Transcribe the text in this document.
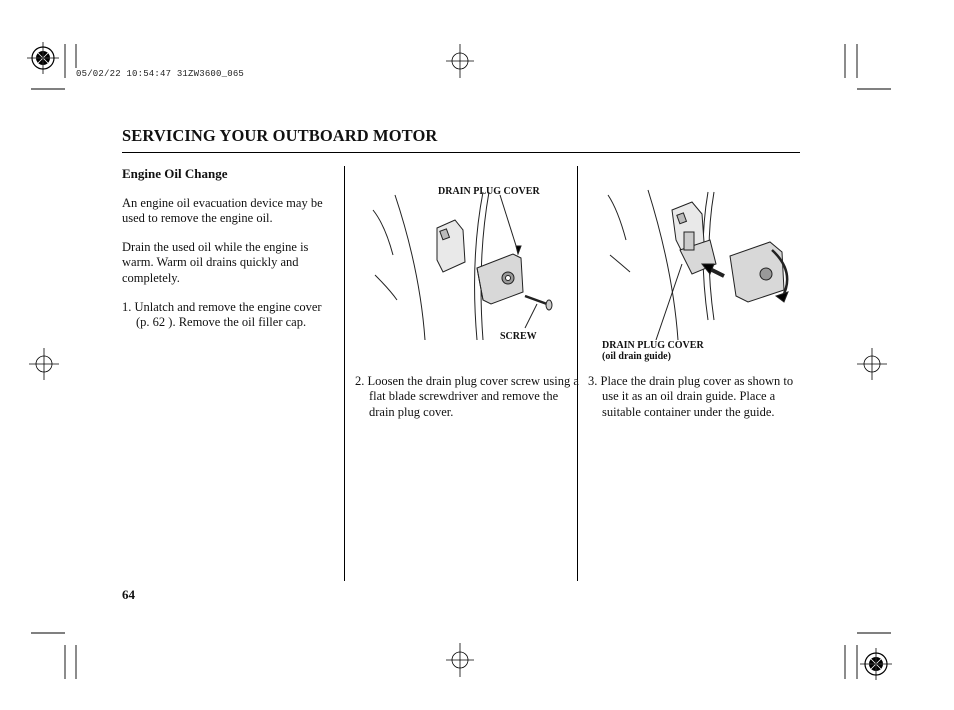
05/02/22 10:54:47 31ZW3600_065
SERVICING YOUR OUTBOARD MOTOR
Engine Oil Change
An engine oil evacuation device may be used to remove the engine oil.
Drain the used oil while the engine is warm. Warm oil drains quickly and completely.
1. Unlatch and remove the engine cover (p. 62 ). Remove the oil filler cap.
DRAIN PLUG COVER
SCREW
2. Loosen the drain plug cover screw using a flat blade screwdriver and remove the drain plug cover.
DRAIN PLUG COVER
(oil drain guide)
3. Place the drain plug cover as shown to use it as an oil drain guide. Place a suitable container under the guide.
64
